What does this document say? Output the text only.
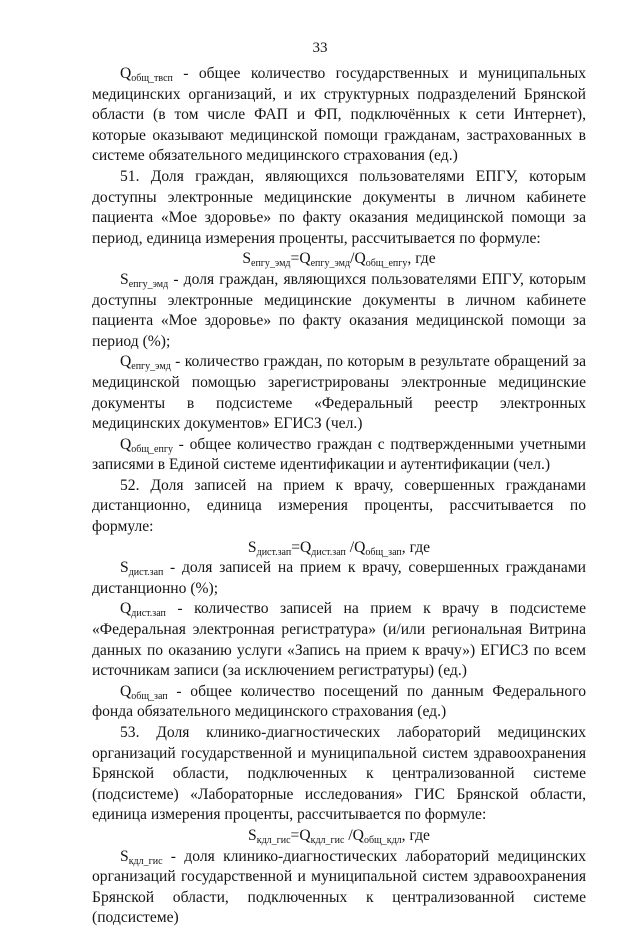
33

$Q_{общ\_твсп}$ - общее количество государственных и муниципальных медицинских организаций, и их структурных подразделений Брянской области (в том числе ФАП и ФП, подключённых к сети Интернет), которые оказывают медицинской помощи гражданам, застрахованных в системе обязательного медицинского страхования (ед.)

51. Доля граждан, являющихся пользователями ЕПГУ, которым доступны электронные медицинские документы в личном кабинете пациента «Мое здоровье» по факту оказания медицинской помощи за период, единица измерения проценты, рассчитывается по формуле:

$S_{епгу\_эмд}=Q_{епгу\_эмд}/Q_{общ\_епгу}$, где

$S_{епгу\_эмд}$ - доля граждан, являющихся пользователями ЕПГУ, которым доступны электронные медицинские документы в личном кабинете пациента «Мое здоровье» по факту оказания медицинской помощи за период (%);

$Q_{епгу\_эмд}$ - количество граждан, по которым в результате обращений за медицинской помощью зарегистрированы электронные медицинские документы в подсистеме «Федеральный реестр электронных медицинских документов» ЕГИСЗ (чел.)

$Q_{общ\_епгу}$ - общее количество граждан с подтвержденными учетными записями в Единой системе идентификации и аутентификации (чел.)

52. Доля записей на прием к врачу, совершенных гражданами дистанционно, единица измерения проценты, рассчитывается по формуле:

$S_{дист.зап}=Q_{дист.зап}$ $/Q_{общ\_зап}$, где

$S_{дист.зап}$ - доля записей на прием к врачу, совершенных гражданами дистанционно (%);

$Q_{дист.зап}$ - количество записей на прием к врачу в подсистеме «Федеральная электронная регистратура» (и/или региональная Витрина данных по оказанию услуги «Запись на прием к врачу») ЕГИСЗ по всем источникам записи (за исключением регистратуры) (ед.)

$Q_{общ\_зап}$ - общее количество посещений по данным Федерального фонда обязательного медицинского страхования (ед.)

53. Доля клинико-диагностических лабораторий медицинских организаций государственной и муниципальной систем здравоохранения Брянской области, подключенных к централизованной системе (подсистеме) «Лабораторные исследования» ГИС Брянской области, единица измерения проценты, рассчитывается по формуле:

$S_{кдл\_гис}=Q_{кдл\_гис}$ $/Q_{общ\_кдл}$, где

$S_{кдл\_гис}$ - доля клинико-диагностических лабораторий медицинских организаций государственной и муниципальной систем здравоохранения Брянской области, подключенных к централизованной системе (подсистеме)
